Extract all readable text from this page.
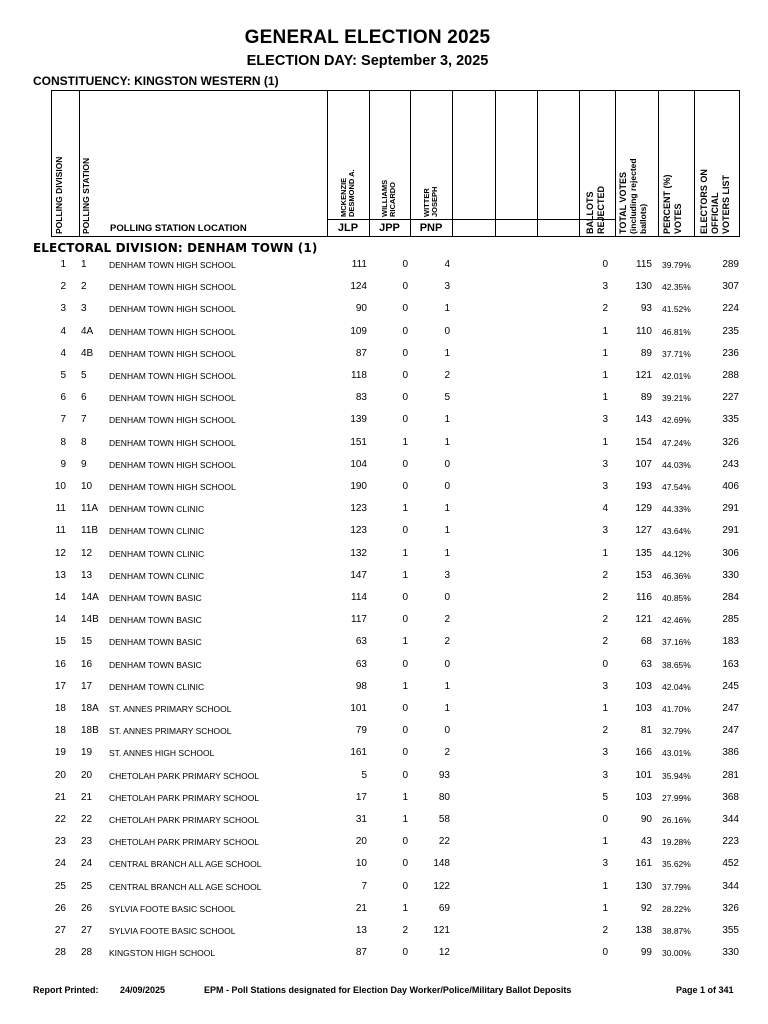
GENERAL ELECTION 2025
ELECTION DAY: September 3, 2025
CONSTITUENCY: KINGSTON WESTERN (1)
POLLING DIVISION POLLING STATION	MCKENZIE DESMOND A.	WILLIAMS RICARDO	WITTER JOSEPH	BALLOTS REJECTED TOTAL VOTES (including rejected ballots) PERCENT (%) VOTES ELECTORS ON OFFICIAL VOTERS LIST
POLLING STATION LOCATION	JLP	JPP	PNP
ELECTORAL DIVISION: DENHAM TOWN (1)
1 1	DENHAM TOWN HIGH SCHOOL	111	0	4	0	115 39.79%	289
2 2	DENHAM TOWN HIGH SCHOOL	124	0	3	3	130 42.35%	307
3 3	DENHAM TOWN HIGH SCHOOL	90	0	1	2	93 41.52%	224
4 4A	DENHAM TOWN HIGH SCHOOL	109	0	0	1	110 46.81%	235
4 4B	DENHAM TOWN HIGH SCHOOL	87	0	1	1	89 37.71%	236
5 5	DENHAM TOWN HIGH SCHOOL	118	0	2	1	121 42.01%	288
6 6	DENHAM TOWN HIGH SCHOOL	83	0	5	1	89 39.21%	227
7 7	DENHAM TOWN HIGH SCHOOL	139	0	1	3	143 42.69%	335
8 8	DENHAM TOWN HIGH SCHOOL	151	1	1	1	154 47.24%	326
9 9	DENHAM TOWN HIGH SCHOOL	104	0	0	3	107 44.03%	243
10 10	DENHAM TOWN HIGH SCHOOL	190	0	0	3	193 47.54%	406
11 11A	DENHAM TOWN CLINIC	123	1	1	4	129 44.33%	291
11 11B	DENHAM TOWN CLINIC	123	0	1	3	127 43.64%	291
12 12	DENHAM TOWN CLINIC	132	1	1	1	135 44.12%	306
13 13	DENHAM TOWN CLINIC	147	1	3	2	153 46.36%	330
14 14A	DENHAM TOWN BASIC	114	0	0	2	116 40.85%	284
14 14B	DENHAM TOWN BASIC	117	0	2	2	121 42.46%	285
15 15	DENHAM TOWN BASIC	63	1	2	2	68 37.16%	183
16 16	DENHAM TOWN BASIC	63	0	0	0	63 38.65%	163
17 17	DENHAM TOWN CLINIC	98	1	1	3	103 42.04%	245
18 18A	ST. ANNES PRIMARY SCHOOL	101	0	1	1	103 41.70%	247
18 18B	ST. ANNES PRIMARY SCHOOL	79	0	0	2	81 32.79%	247
19 19	ST. ANNES HIGH SCHOOL	161	0	2	3	166 43.01%	386
20 20	CHETOLAH PARK PRIMARY SCHOOL	5	0	93	3	101 35.94%	281
21 21	CHETOLAH PARK PRIMARY SCHOOL	17	1	80	5	103 27.99%	368
22 22	CHETOLAH PARK PRIMARY SCHOOL	31	1	58	0	90 26.16%	344
23 23	CHETOLAH PARK PRIMARY SCHOOL	20	0	22	1	43 19.28%	223
24 24	CENTRAL BRANCH ALL AGE SCHOOL	10	0	148	3	161 35.62%	452
25 25	CENTRAL BRANCH ALL AGE SCHOOL	7	0	122	1	130 37.79%	344
26 26	SYLVIA FOOTE BASIC SCHOOL	21	1	69	1	92 28.22%	326
27 27	SYLVIA FOOTE BASIC SCHOOL	13	2	121	2	138 38.87%	355
28 28	KINGSTON HIGH SCHOOL	87	0	12	0	99 30.00%	330
Report Printed: 24/09/2025	EPM - Poll Stations designated for Election Day Worker/Police/Military Ballot Deposits	Page 1 of 341
